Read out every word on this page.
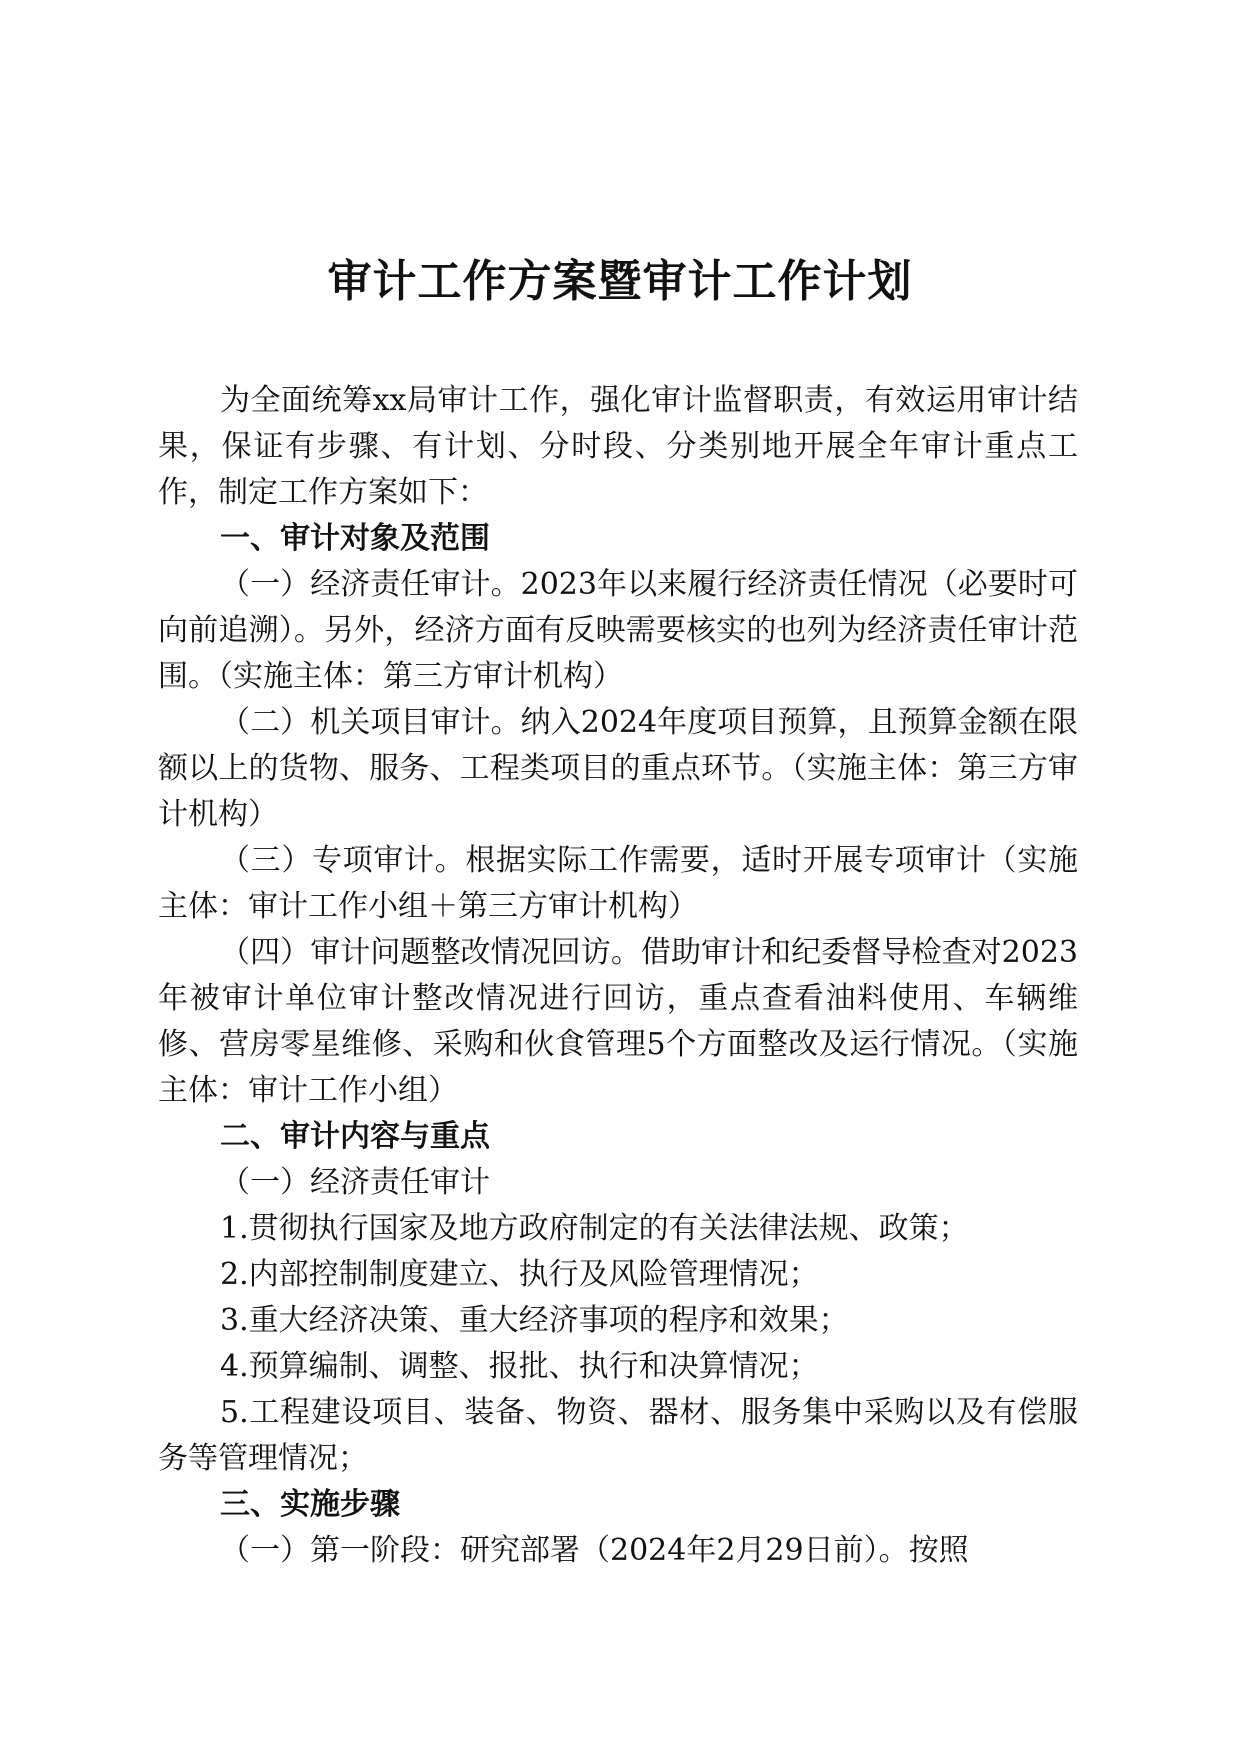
审计工作方案暨审计工作计划

为全面统筹xx局审计工作，强化审计监督职责，有效运用审计结果，保证有步骤、有计划、分时段、分类别地开展全年审计重点工作，制定工作方案如下：

一、审计对象及范围

（一）经济责任审计。2023年以来履行经济责任情况（必要时可向前追溯）。另外，经济方面有反映需要核实的也列为经济责任审计范围。（实施主体：第三方审计机构）

（二）机关项目审计。纳入2024年度项目预算，且预算金额在限额以上的货物、服务、工程类项目的重点环节。（实施主体：第三方审计机构）

（三）专项审计。根据实际工作需要，适时开展专项审计（实施主体：审计工作小组＋第三方审计机构）

（四）审计问题整改情况回访。借助审计和纪委督导检查对2023年被审计单位审计整改情况进行回访，重点查看油料使用、车辆维修、营房零星维修、采购和伙食管理5个方面整改及运行情况。（实施主体：审计工作小组）

二、审计内容与重点

（一）经济责任审计

1.贯彻执行国家及地方政府制定的有关法律法规、政策；

2.内部控制制度建立、执行及风险管理情况；

3.重大经济决策、重大经济事项的程序和效果；

4.预算编制、调整、报批、执行和决算情况；

5.工程建设项目、装备、物资、器材、服务集中采购以及有偿服务等管理情况；

三、实施步骤

（一）第一阶段：研究部署（2024年2月29日前）。按照
